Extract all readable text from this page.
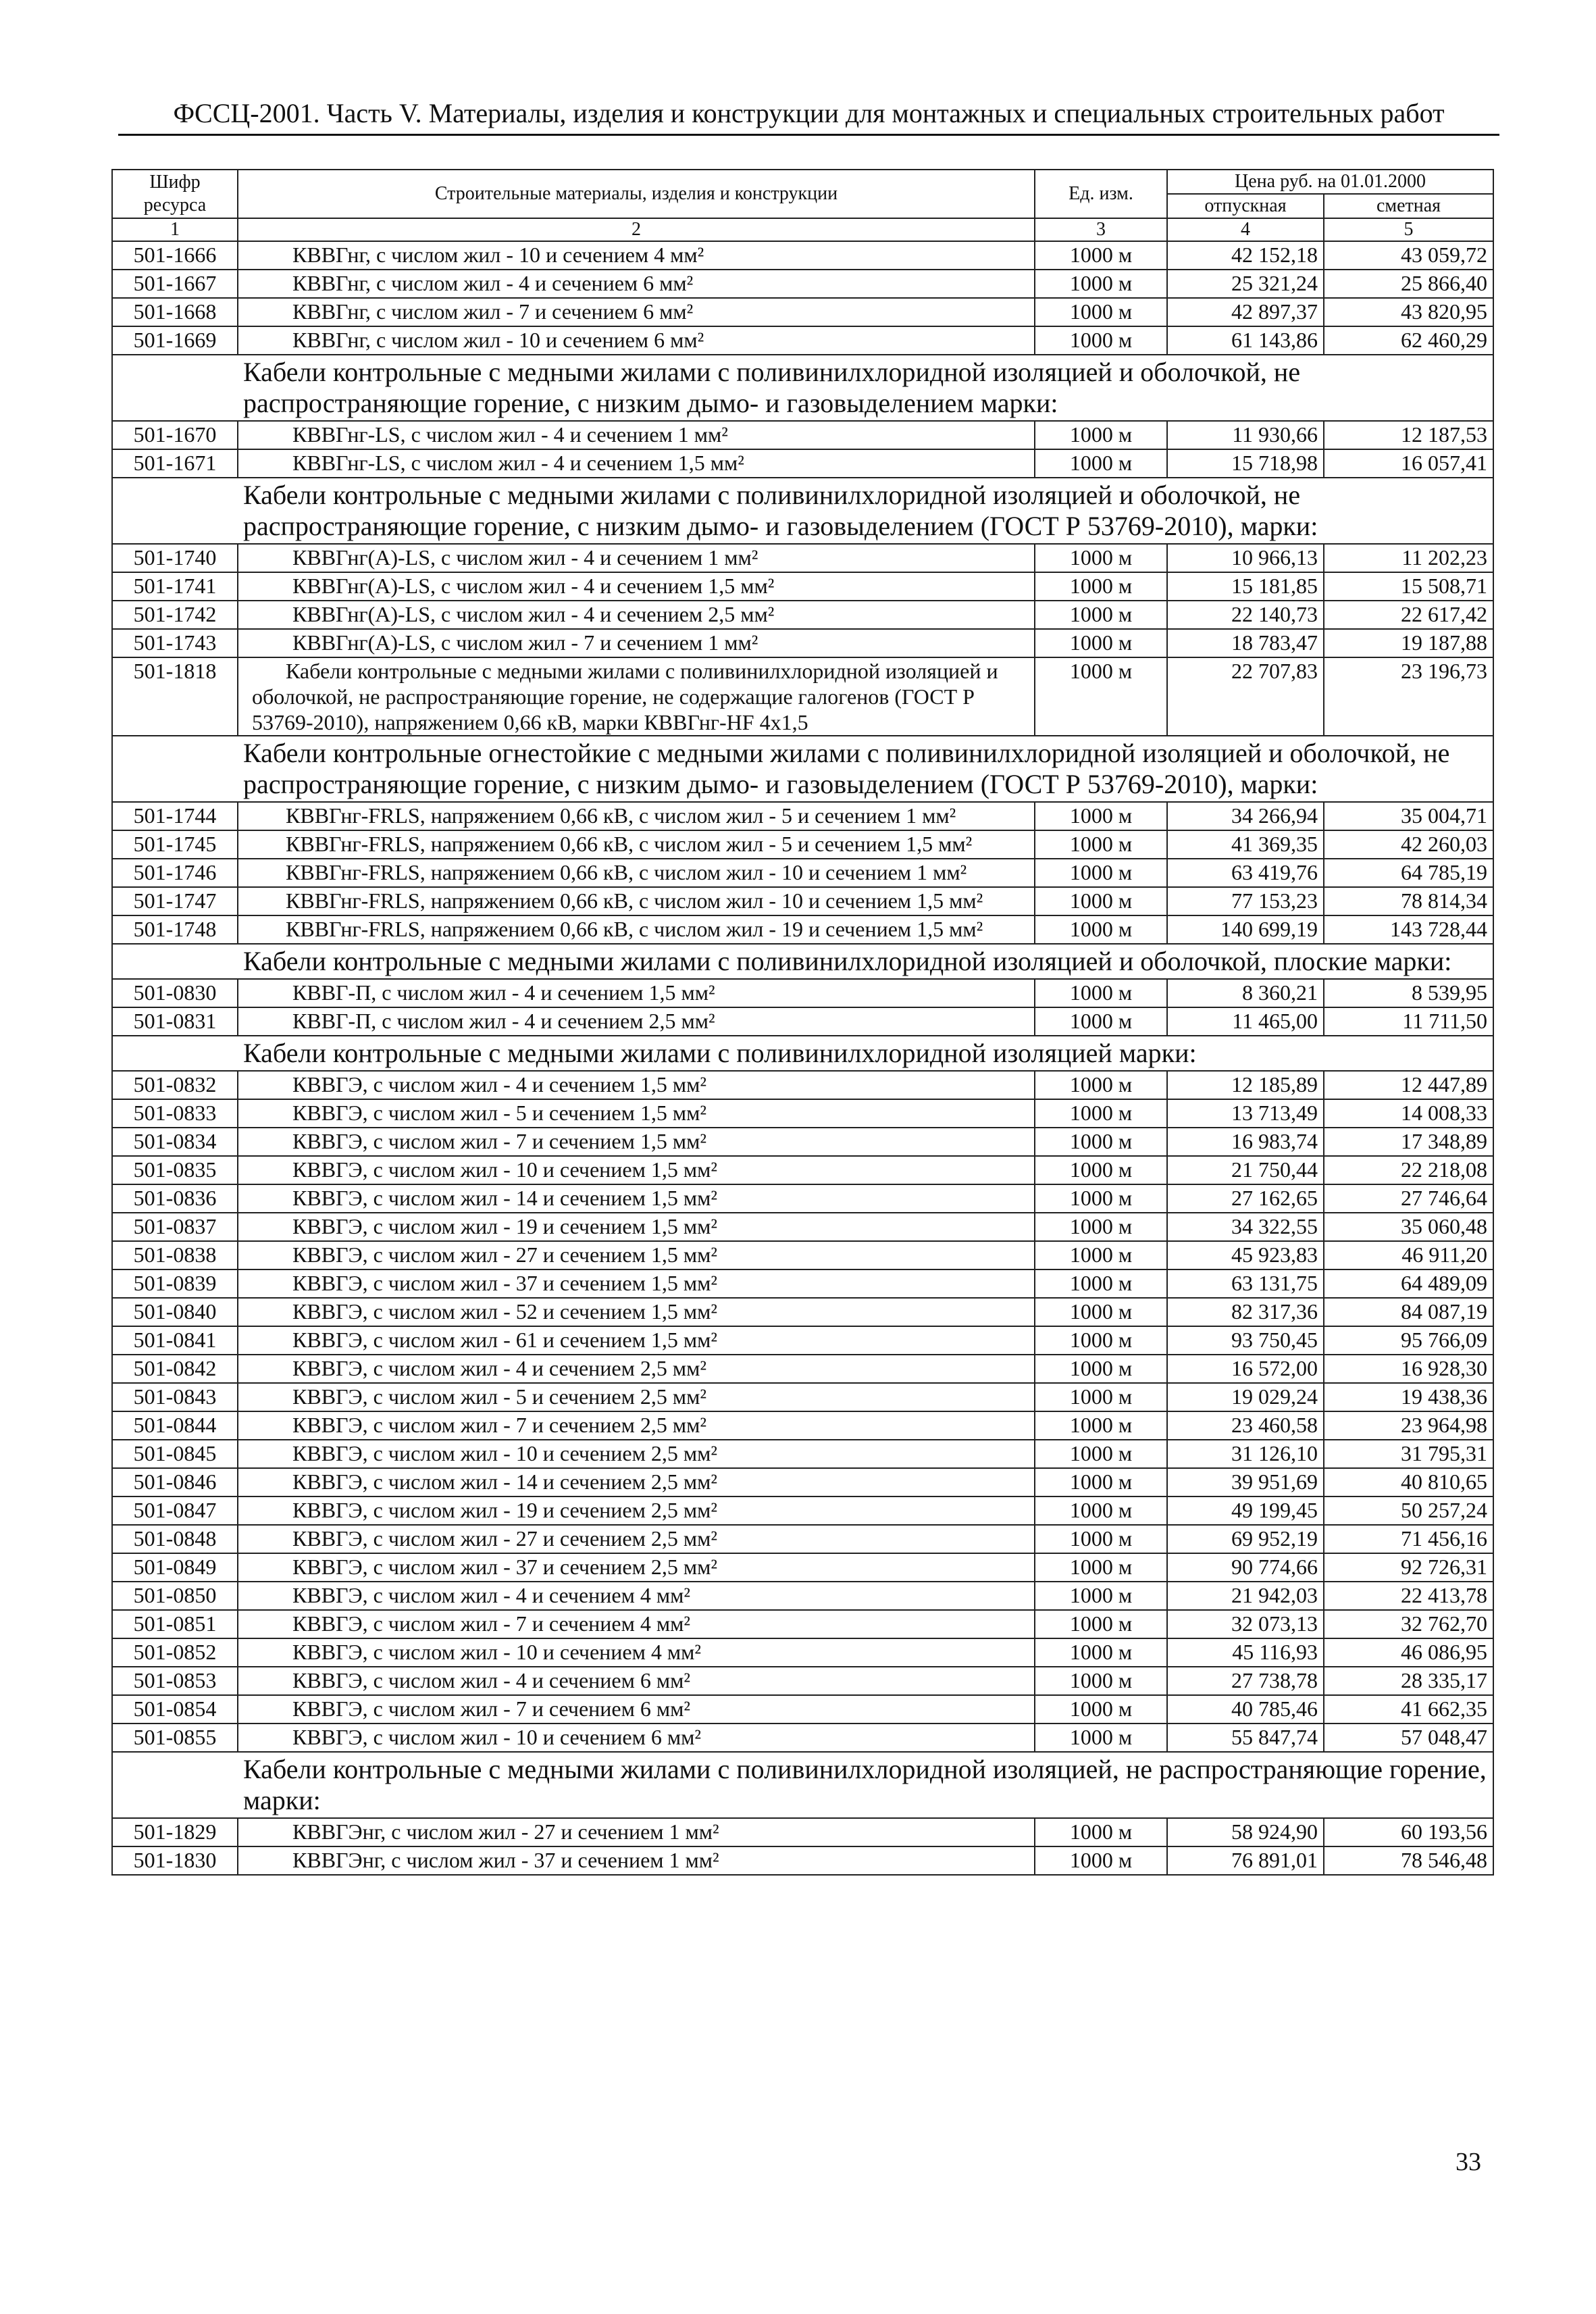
ФССЦ-2001. Часть V. Материалы, изделия и конструкции для монтажных и специальных строительных работ
Шифр ресурса	Строительные материалы, изделия и конструкции	Ед. изм.	Цена руб. на 01.01.2000	
			отпускная	сметная
1	2	3	4	5
501-1666	КВВГнг, с числом жил - 10 и сечением 4 мм²	1000 м	42 152,18	43 059,72
501-1667	КВВГнг, с числом жил - 4 и сечением 6 мм²	1000 м	25 321,24	25 866,40
501-1668	КВВГнг, с числом жил - 7 и сечением 6 мм²	1000 м	42 897,37	43 820,95
501-1669	КВВГнг, с числом жил - 10 и сечением 6 мм²	1000 м	61 143,86	62 460,29
	Кабели контрольные с медными жилами с поливинилхлоридной изоляцией и оболочкой, не распространяющие горение, с низким дымо- и газовыделением марки:			
501-1670	КВВГнг-LS, с числом жил - 4 и сечением 1 мм²	1000 м	11 930,66	12 187,53
501-1671	КВВГнг-LS, с числом жил - 4 и сечением 1,5 мм²	1000 м	15 718,98	16 057,41
	Кабели контрольные с медными жилами с поливинилхлоридной изоляцией и оболочкой, не распространяющие горение, с низким дымо- и газовыделением (ГОСТ Р 53769-2010), марки:			
501-1740	КВВГнг(А)-LS, с числом жил - 4 и сечением 1 мм²	1000 м	10 966,13	11 202,23
501-1741	КВВГнг(А)-LS, с числом жил - 4 и сечением 1,5 мм²	1000 м	15 181,85	15 508,71
501-1742	КВВГнг(А)-LS, с числом жил - 4 и сечением 2,5 мм²	1000 м	22 140,73	22 617,42
501-1743	КВВГнг(А)-LS, с числом жил - 7 и сечением 1 мм²	1000 м	18 783,47	19 187,88
501-1818	Кабели контрольные с медными жилами с поливинилхлоридной изоляцией и оболочкой, не распространяющие горение, не содержащие галогенов (ГОСТ Р 53769-2010), напряжением 0,66 кВ, марки КВВГнг-HF 4х1,5	1000 м	22 707,83	23 196,73
	Кабели контрольные огнестойкие с медными жилами с поливинилхлоридной изоляцией и оболочкой, не распространяющие горение, с низким дымо- и газовыделением (ГОСТ Р 53769-2010), марки:			
501-1744	КВВГнг-FRLS, напряжением 0,66 кВ, с числом жил - 5 и сечением 1 мм²	1000 м	34 266,94	35 004,71
501-1745	КВВГнг-FRLS, напряжением 0,66 кВ, с числом жил - 5 и сечением 1,5 мм²	1000 м	41 369,35	42 260,03
501-1746	КВВГнг-FRLS, напряжением 0,66 кВ, с числом жил - 10 и сечением 1 мм²	1000 м	63 419,76	64 785,19
501-1747	КВВГнг-FRLS, напряжением 0,66 кВ, с числом жил - 10 и сечением 1,5 мм²	1000 м	77 153,23	78 814,34
501-1748	КВВГнг-FRLS, напряжением 0,66 кВ, с числом жил - 19 и сечением 1,5 мм²	1000 м	140 699,19	143 728,44
	Кабели контрольные с медными жилами с поливинилхлоридной изоляцией и оболочкой, плоские марки:			
501-0830	КВВГ-П, с числом жил - 4 и сечением 1,5 мм²	1000 м	8 360,21	8 539,95
501-0831	КВВГ-П, с числом жил - 4 и сечением 2,5 мм²	1000 м	11 465,00	11 711,50
	Кабели контрольные с медными жилами с поливинилхлоридной изоляцией марки:			
501-0832	КВВГЭ, с числом жил - 4 и сечением 1,5 мм²	1000 м	12 185,89	12 447,89
501-0833	КВВГЭ, с числом жил - 5 и сечением 1,5 мм²	1000 м	13 713,49	14 008,33
501-0834	КВВГЭ, с числом жил - 7 и сечением 1,5 мм²	1000 м	16 983,74	17 348,89
501-0835	КВВГЭ, с числом жил - 10 и сечением 1,5 мм²	1000 м	21 750,44	22 218,08
501-0836	КВВГЭ, с числом жил - 14 и сечением 1,5 мм²	1000 м	27 162,65	27 746,64
501-0837	КВВГЭ, с числом жил - 19 и сечением 1,5 мм²	1000 м	34 322,55	35 060,48
501-0838	КВВГЭ, с числом жил - 27 и сечением 1,5 мм²	1000 м	45 923,83	46 911,20
501-0839	КВВГЭ, с числом жил - 37 и сечением 1,5 мм²	1000 м	63 131,75	64 489,09
501-0840	КВВГЭ, с числом жил - 52 и сечением 1,5 мм²	1000 м	82 317,36	84 087,19
501-0841	КВВГЭ, с числом жил - 61 и сечением 1,5 мм²	1000 м	93 750,45	95 766,09
501-0842	КВВГЭ, с числом жил - 4 и сечением 2,5 мм²	1000 м	16 572,00	16 928,30
501-0843	КВВГЭ, с числом жил - 5 и сечением 2,5 мм²	1000 м	19 029,24	19 438,36
501-0844	КВВГЭ, с числом жил - 7 и сечением 2,5 мм²	1000 м	23 460,58	23 964,98
501-0845	КВВГЭ, с числом жил - 10 и сечением 2,5 мм²	1000 м	31 126,10	31 795,31
501-0846	КВВГЭ, с числом жил - 14 и сечением 2,5 мм²	1000 м	39 951,69	40 810,65
501-0847	КВВГЭ, с числом жил - 19 и сечением 2,5 мм²	1000 м	49 199,45	50 257,24
501-0848	КВВГЭ, с числом жил - 27 и сечением 2,5 мм²	1000 м	69 952,19	71 456,16
501-0849	КВВГЭ, с числом жил - 37 и сечением 2,5 мм²	1000 м	90 774,66	92 726,31
501-0850	КВВГЭ, с числом жил - 4 и сечением 4 мм²	1000 м	21 942,03	22 413,78
501-0851	КВВГЭ, с числом жил - 7 и сечением 4 мм²	1000 м	32 073,13	32 762,70
501-0852	КВВГЭ, с числом жил - 10 и сечением 4 мм²	1000 м	45 116,93	46 086,95
501-0853	КВВГЭ, с числом жил - 4 и сечением 6 мм²	1000 м	27 738,78	28 335,17
501-0854	КВВГЭ, с числом жил - 7 и сечением 6 мм²	1000 м	40 785,46	41 662,35
501-0855	КВВГЭ, с числом жил - 10 и сечением 6 мм²	1000 м	55 847,74	57 048,47
	Кабели контрольные с медными жилами с поливинилхлоридной изоляцией, не распространяющие горение, марки:			
501-1829	КВВГЭнг, с числом жил - 27 и сечением 1 мм²	1000 м	58 924,90	60 193,56
501-1830	КВВГЭнг, с числом жил - 37 и сечением 1 мм²	1000 м	76 891,01	78 546,48
33
